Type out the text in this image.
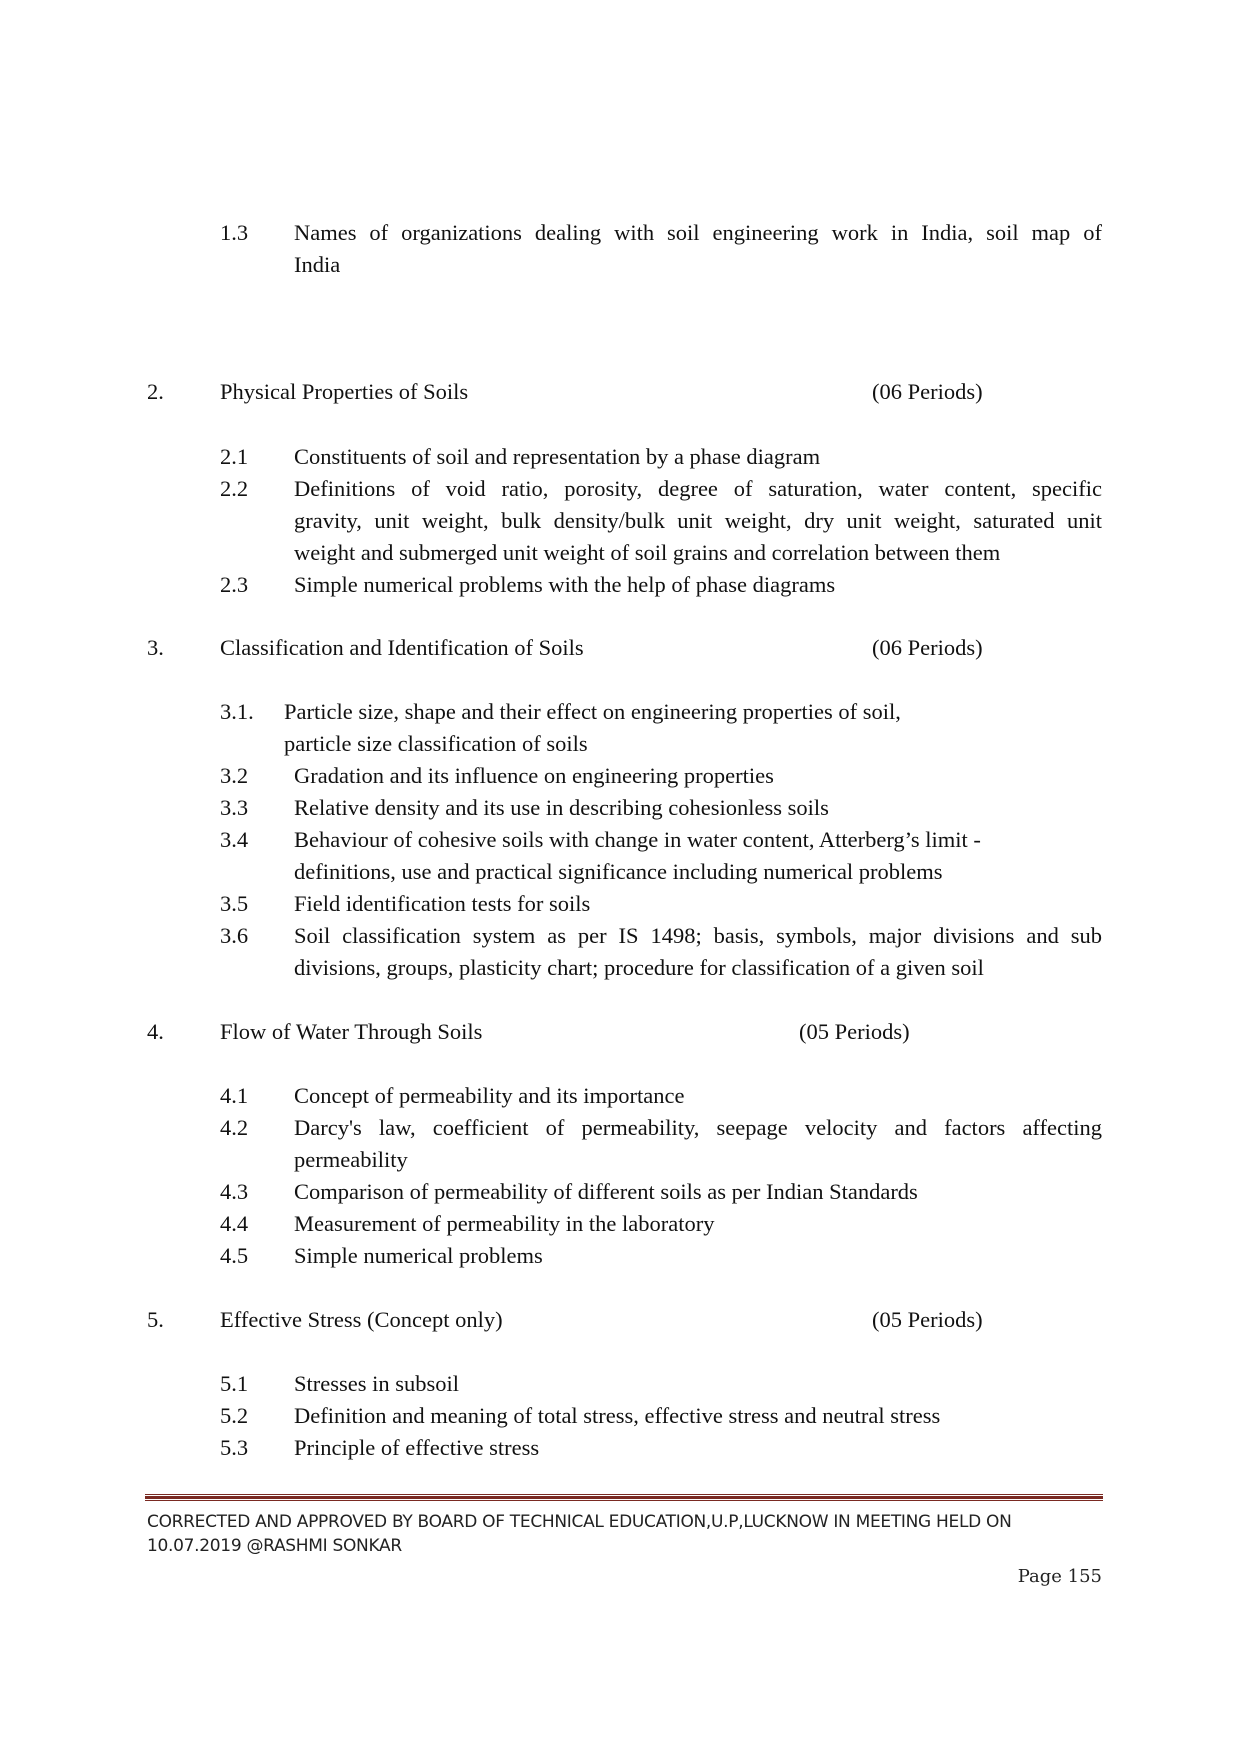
1.3 Names of organizations dealing with soil engineering work in India, soil map of

India

2. Physical Properties of Soils	(06 Periods)
2.1 Constituents of soil and representation by a phase diagram

2.2 Definitions of void ratio, porosity, degree of saturation, water content, specific

gravity, unit weight, bulk density/bulk unit weight, dry unit weight, saturated unit

weight and submerged unit weight of soil grains and correlation between them

2.3 Simple numerical problems with the help of phase diagrams

3. Classification and Identification of Soils	(06 Periods)
3.1. Particle size, shape and their effect on engineering properties of soil,

particle size classification of soils

3.2 Gradation and its influence on engineering properties

3.3 Relative density and its use in describing cohesionless soils

3.4 Behaviour of cohesive soils with change in water content, Atterberg’s limit -

definitions, use and practical significance including numerical problems

3.5 Field identification tests for soils

3.6 Soil classification system as per IS 1498; basis, symbols, major divisions and sub

divisions, groups, plasticity chart; procedure for classification of a given soil

4. Flow of Water Through Soils	(05 Periods)
4.1 Concept of permeability and its importance

4.2 Darcy's law, coefficient of permeability, seepage velocity and factors affecting

permeability

4.3 Comparison of permeability of different soils as per Indian Standards

4.4 Measurement of permeability in the laboratory

4.5 Simple numerical problems

5. Effective Stress (Concept only)	(05 Periods)
5.1 Stresses in subsoil

5.2 Definition and meaning of total stress, effective stress and neutral stress

5.3 Principle of effective stress

CORRECTED AND APPROVED BY BOARD OF TECHNICAL EDUCATION,U.P,LUCKNOW IN MEETING HELD ON
10.07.2019 @RASHMI SONKAR
Page 155
